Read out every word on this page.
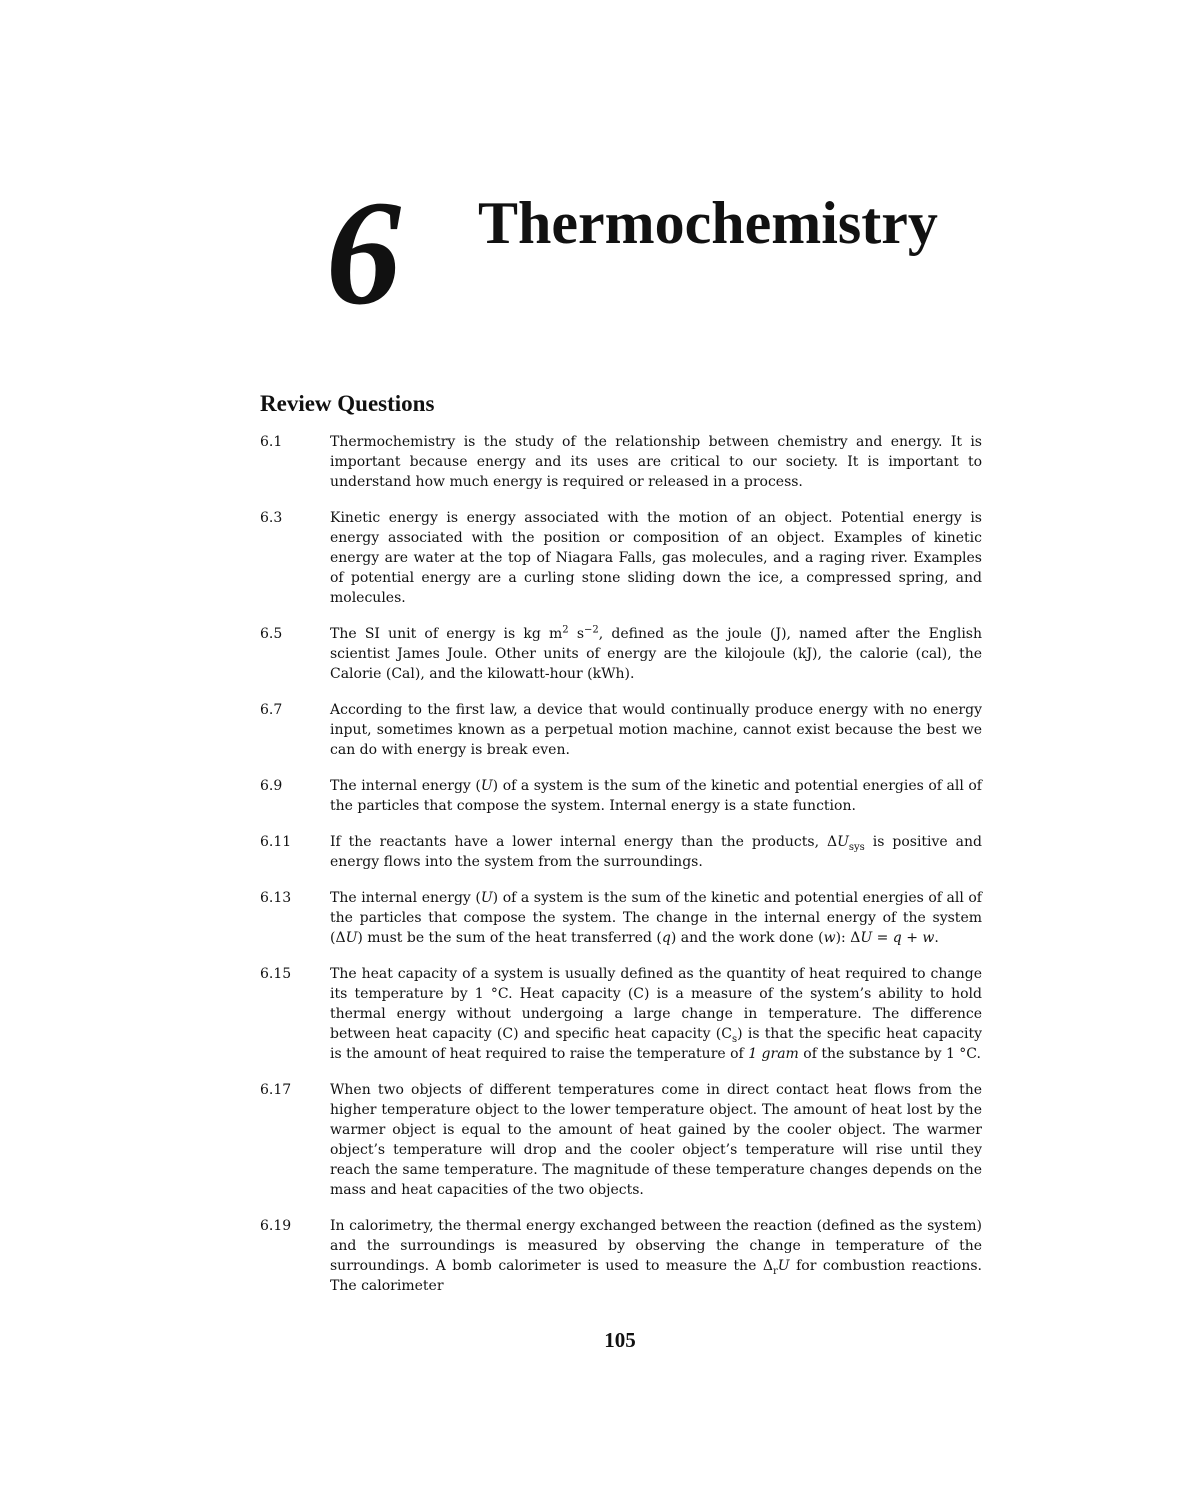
6 Thermochemistry
Review Questions
6.1	Thermochemistry is the study of the relationship between chemistry and energy. It is important because energy and its uses are critical to our society. It is important to understand how much energy is required or released in a process.
6.3	Kinetic energy is energy associated with the motion of an object. Potential energy is energy associated with the position or composition of an object. Examples of kinetic energy are water at the top of Niagara Falls, gas molecules, and a raging river. Examples of potential energy are a curling stone sliding down the ice, a compressed spring, and molecules.
6.5	The SI unit of energy is kg $m^2$ $s^{-2}$, defined as the joule (J), named after the English scientist James Joule. Other units of energy are the kilojoule (kJ), the calorie (cal), the Calorie (Cal), and the kilowatt-hour (kWh).
6.7	According to the first law, a device that would continually produce energy with no energy input, sometimes known as a perpetual motion machine, cannot exist because the best we can do with energy is break even.
6.9	The internal energy (U) of a system is the sum of the kinetic and potential energies of all of the particles that compose the system. Internal energy is a state function.
6.11	If the reactants have a lower internal energy than the products, $\Delta U_{sys}$ is positive and energy flows into the system from the surroundings.
6.13	The internal energy (U) of a system is the sum of the kinetic and potential energies of all of the particles that compose the system. The change in the internal energy of the system (ΔU) must be the sum of the heat transferred (q) and the work done (w): ΔU = q + w.
6.15	The heat capacity of a system is usually defined as the quantity of heat required to change its temperature by 1 °C. Heat capacity (C) is a measure of the system’s ability to hold thermal energy without undergoing a large change in temperature. The difference between heat capacity (C) and specific heat capacity $(C_s)$ is that the specific heat capacity is the amount of heat required to raise the temperature of 1 gram of the substance by 1 °C.
6.17	When two objects of different temperatures come in direct contact heat flows from the higher temperature object to the lower temperature object. The amount of heat lost by the warmer object is equal to the amount of heat gained by the cooler object. The warmer object’s temperature will drop and the cooler object’s temperature will rise until they reach the same temperature. The magnitude of these temperature changes depends on the mass and heat capacities of the two objects.
6.19	In calorimetry, the thermal energy exchanged between the reaction (defined as the system) and the surroundings is measured by observing the change in temperature of the surroundings. A bomb calorimeter is used to measure the $\Delta_rU$ for combustion reactions. The calorimeter
105
